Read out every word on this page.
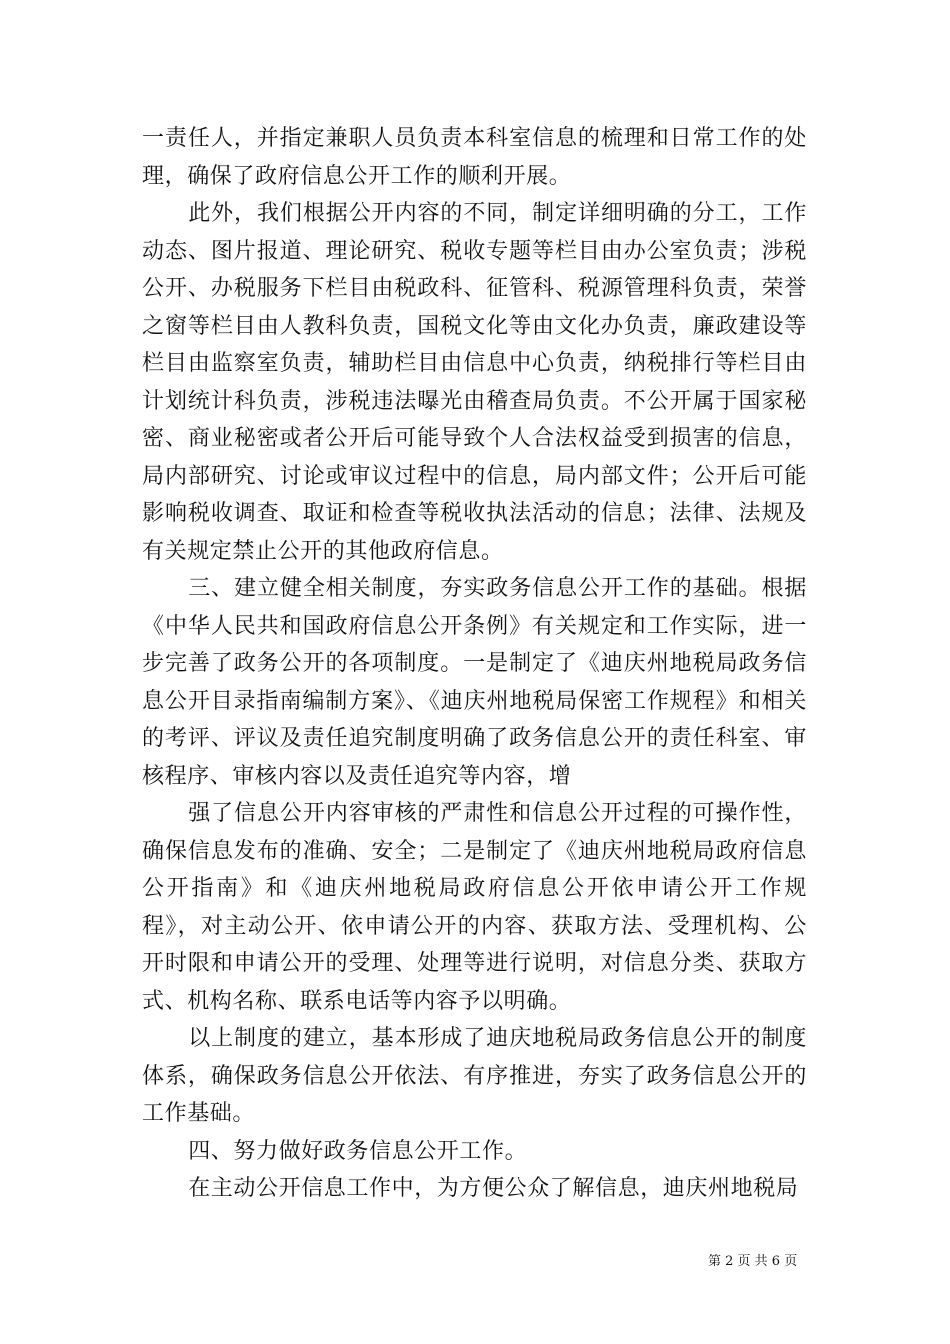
一责任人，并指定兼职人员负责本科室信息的梳理和日常工作的处理，确保了政府信息公开工作的顺利开展。

此外，我们根据公开内容的不同，制定详细明确的分工，工作动态、图片报道、理论研究、税收专题等栏目由办公室负责；涉税公开、办税服务下栏目由税政科、征管科、税源管理科负责，荣誉之窗等栏目由人教科负责，国税文化等由文化办负责，廉政建设等栏目由监察室负责，辅助栏目由信息中心负责，纳税排行等栏目由计划统计科负责，涉税违法曝光由稽查局负责。不公开属于国家秘密、商业秘密或者公开后可能导致个人合法权益受到损害的信息，局内部研究、讨论或审议过程中的信息，局内部文件；公开后可能影响税收调查、取证和检查等税收执法活动的信息；法律、法规及有关规定禁止公开的其他政府信息。

三、建立健全相关制度，夯实政务信息公开工作的基础。根据《中华人民共和国政府信息公开条例》有关规定和工作实际，进一步完善了政务公开的各项制度。一是制定了《迪庆州地税局政务信息公开目录指南编制方案》、《迪庆州地税局保密工作规程》和相关的考评、评议及责任追究制度明确了政务信息公开的责任科室、审核程序、审核内容以及责任追究等内容，增

强了信息公开内容审核的严肃性和信息公开过程的可操作性，确保信息发布的准确、安全；二是制定了《迪庆州地税局政府信息公开指南》和《迪庆州地税局政府信息公开依申请公开工作规程》，对主动公开、依申请公开的内容、获取方法、受理机构、公开时限和申请公开的受理、处理等进行说明，对信息分类、获取方式、机构名称、联系电话等内容予以明确。

以上制度的建立，基本形成了迪庆地税局政务信息公开的制度体系，确保政务信息公开依法、有序推进，夯实了政务信息公开的工作基础。

四、努力做好政务信息公开工作。

在主动公开信息工作中，为方便公众了解信息，迪庆州地税局

第 2 页 共 6 页
